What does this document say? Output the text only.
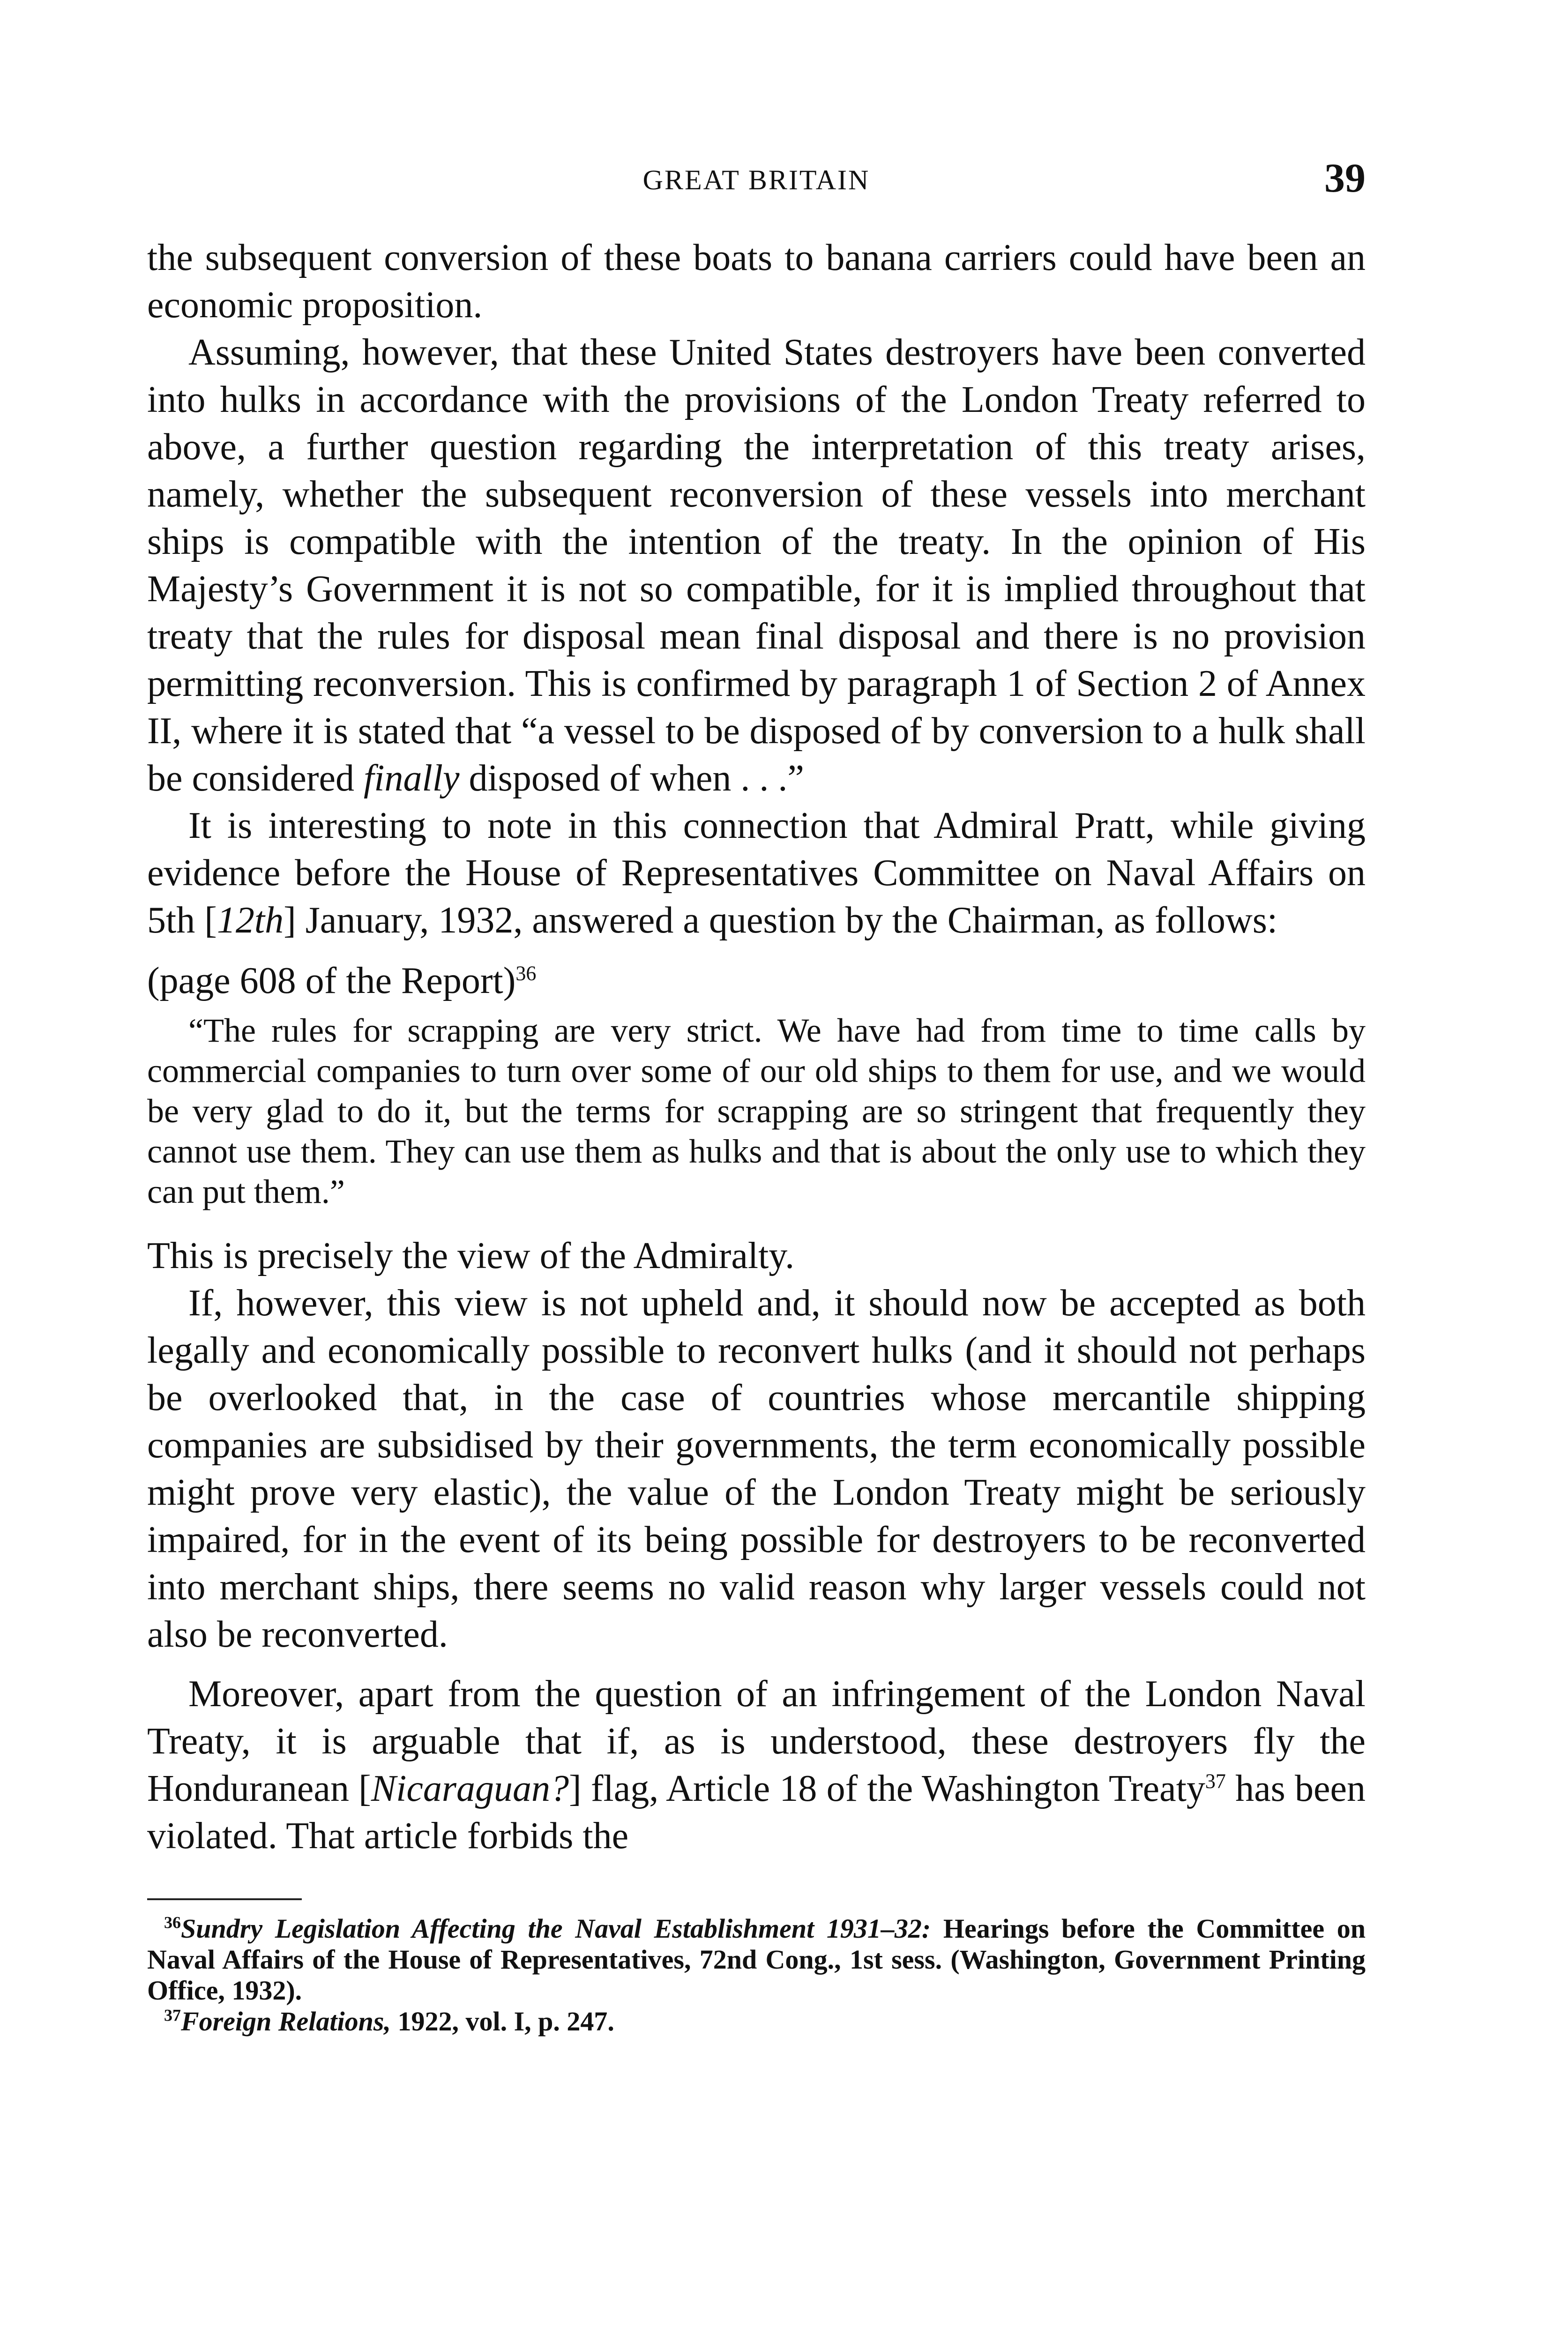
GREAT BRITAIN	39

the subsequent conversion of these boats to banana carriers could have been an economic proposition.

Assuming, however, that these United States destroyers have been converted into hulks in accordance with the provisions of the London Treaty referred to above, a further question regarding the interpretation of this treaty arises, namely, whether the subsequent reconversion of these vessels into merchant ships is compatible with the intention of the treaty. In the opinion of His Majesty’s Government it is not so compatible, for it is implied throughout that treaty that the rules for disposal mean final disposal and there is no provision permitting reconversion. This is confirmed by paragraph 1 of Section 2 of Annex II, where it is stated that “a vessel to be disposed of by conversion to a hulk shall be considered finally disposed of when . . .”

It is interesting to note in this connection that Admiral Pratt, while giving evidence before the House of Representatives Committee on Naval Affairs on 5th [12th] January, 1932, answered a question by the Chairman, as follows:

(page 608 of the Report)$^{36}$

“The rules for scrapping are very strict. We have had from time to time calls by commercial companies to turn over some of our old ships to them for use, and we would be very glad to do it, but the terms for scrapping are so stringent that frequently they cannot use them. They can use them as hulks and that is about the only use to which they can put them.”

This is precisely the view of the Admiralty.

If, however, this view is not upheld and, it should now be accepted as both legally and economically possible to reconvert hulks (and it should not perhaps be overlooked that, in the case of countries whose mercantile shipping companies are subsidised by their governments, the term economically possible might prove very elastic), the value of the London Treaty might be seriously impaired, for in the event of its being possible for destroyers to be reconverted into merchant ships, there seems no valid reason why larger vessels could not also be reconverted.

Moreover, apart from the question of an infringement of the London Naval Treaty, it is arguable that if, as is understood, these destroyers fly the Honduranean [Nicaraguan?] flag, Article 18 of the Washington Treaty$^{37}$ has been violated. That article forbids the

$^{36}$Sundry Legislation Affecting the Naval Establishment 1931–32: Hearings before the Committee on Naval Affairs of the House of Representatives, 72nd Cong., 1st sess. (Washington, Government Printing Office, 1932).

$^{37}$Foreign Relations, 1922, vol. I, p. 247.
